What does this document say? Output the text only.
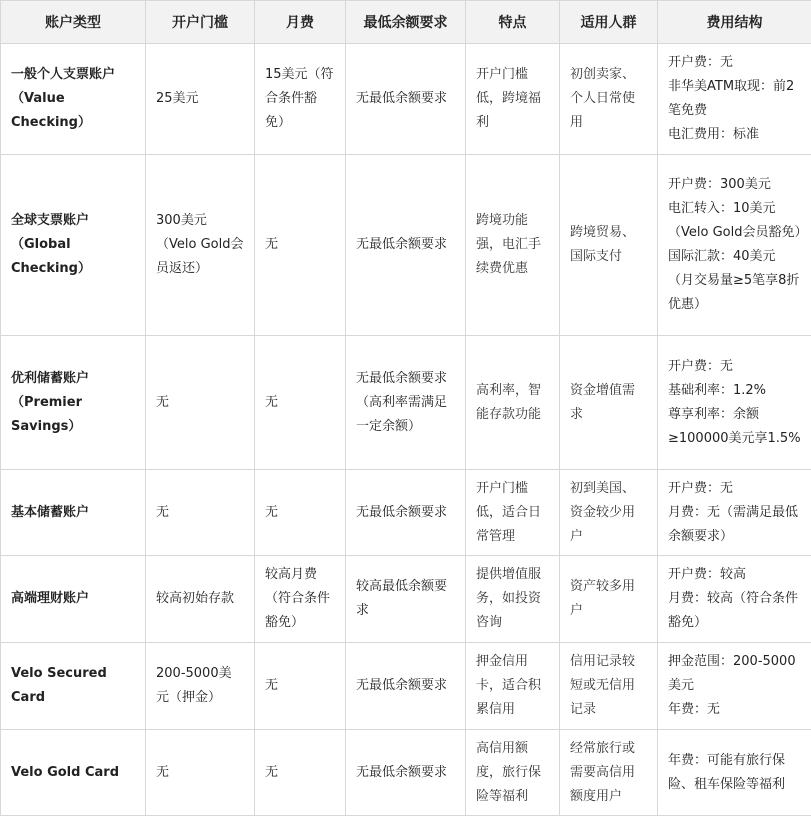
账户类型	开户门槛	月费	最低余额要求	特点	适用人群	费用结构
一般个人支票账户（Value Checking）	25美元	15美元（符合条件豁免）	无最低余额要求	开户门槛低，跨境福利	初创卖家、个人日常使用	开户费：无
非华美ATM取现：前2笔免费
电汇费用：标准

全球支票账户（Global Checking）	300美元（Velo Gold会员返还）	无	无最低余额要求	跨境功能强，电汇手续费优惠	跨境贸易、国际支付	开户费：300美元
电汇转入：10美元（Velo Gold会员豁免）
国际汇款：40美元（月交易量≥5笔享8折优惠）

优利储蓄账户（Premier Savings）	无	无	无最低余额要求（高利率需满足一定余额）	高利率，智能存款功能	资金增值需求	开户费：无
基础利率：1.2%
尊享利率：余额≥100000美元享1.5%

基本储蓄账户	无	无	无最低余额要求	开户门槛低，适合日常管理	初到美国、资金较少用户	开户费：无
月费：无（需满足最低余额要求）

高端理财账户	较高初始存款	较高月费（符合条件豁免）	较高最低余额要求	提供增值服务，如投资咨询	资产较多用户	开户费：较高
月费：较高（符合条件豁免）

Velo Secured Card	200-5000美元（押金）	无	无最低余额要求	押金信用卡，适合积累信用	信用记录较短或无信用记录	押金范围：200-5000美元
年费：无

Velo Gold Card	无	无	无最低余额要求	高信用额度，旅行保险等福利	经常旅行或需要高信用额度用户	年费：可能有旅行保险、租车保险等福利
